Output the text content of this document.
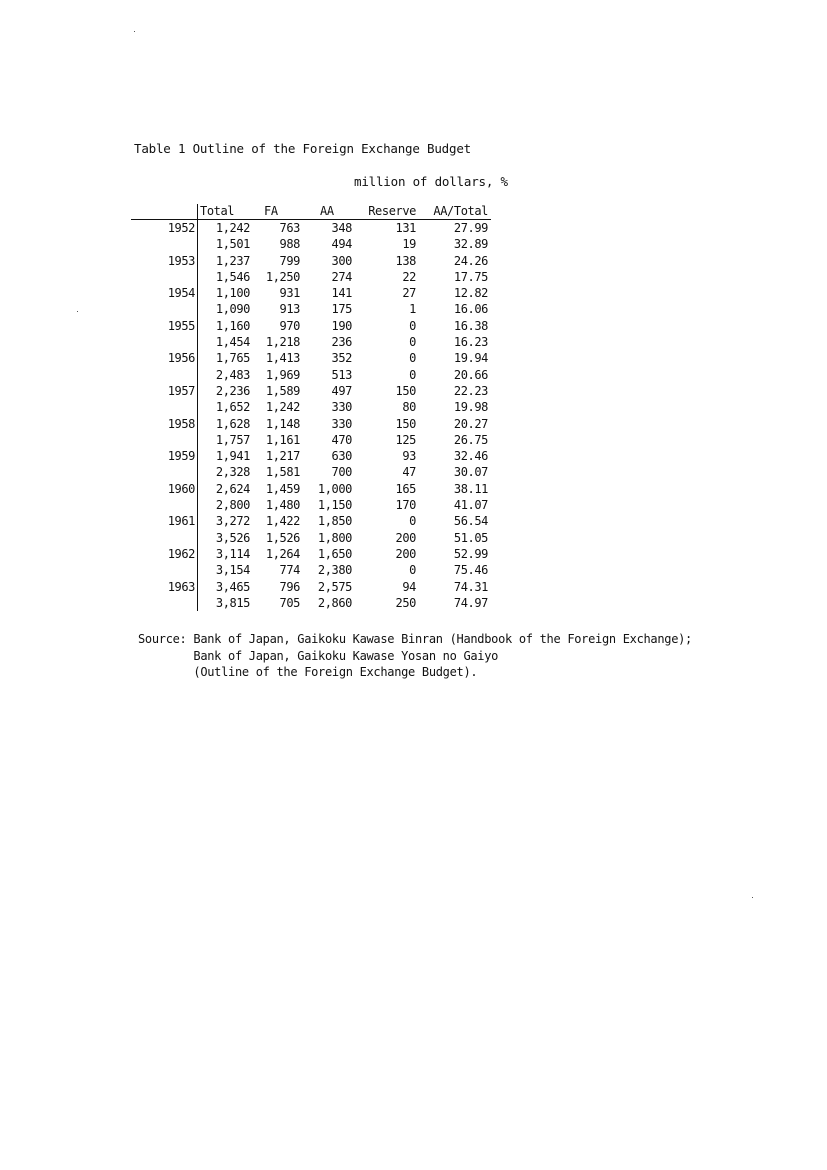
Table 1 Outline of the Foreign Exchange Budget
million of dollars, %
	Total	FA	AA	Reserve	AA/Total
1952	1,242	763	348	131	27.99
	1,501	988	494	19	32.89
1953	1,237	799	300	138	24.26
	1,546	1,250	274	22	17.75
1954	1,100	931	141	27	12.82
	1,090	913	175	1	16.06
1955	1,160	970	190	0	16.38
	1,454	1,218	236	0	16.23
1956	1,765	1,413	352	0	19.94
	2,483	1,969	513	0	20.66
1957	2,236	1,589	497	150	22.23
	1,652	1,242	330	80	19.98
1958	1,628	1,148	330	150	20.27
	1,757	1,161	470	125	26.75
1959	1,941	1,217	630	93	32.46
	2,328	1,581	700	47	30.07
1960	2,624	1,459	1,000	165	38.11
	2,800	1,480	1,150	170	41.07
1961	3,272	1,422	1,850	0	56.54
	3,526	1,526	1,800	200	51.05
1962	3,114	1,264	1,650	200	52.99
	3,154	774	2,380	0	75.46
1963	3,465	796	2,575	94	74.31
	3,815	705	2,860	250	74.97
Source: Bank of Japan, Gaikoku Kawase Binran (Handbook of the Foreign Exchange);
Bank of Japan, Gaikoku Kawase Yosan no Gaiyo
(Outline of the Foreign Exchange Budget).
